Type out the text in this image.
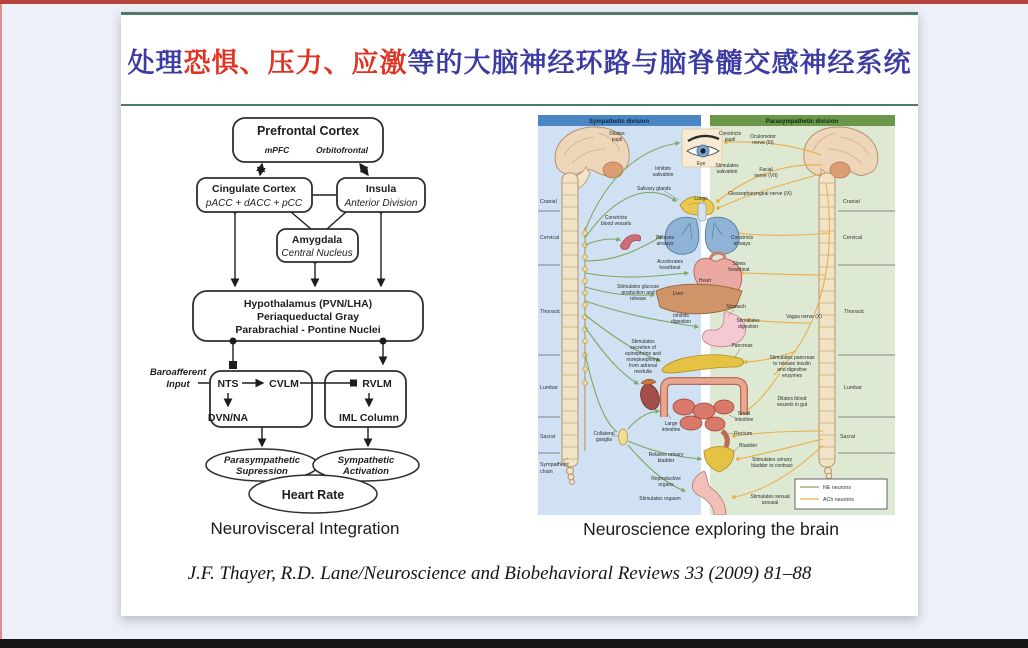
处理恐惧、压力、应激等的大脑神经环路与脑脊髓交感神经系统
Prefrontal Cortex
mPFC	Orbitofrontal
Cingulate Cortex
pACC + dACC + pCC
Insula
Anterior Division
Amygdala
Central Nucleus
Hypothalamus (PVN/LHA)
Periaqueductal Gray
Parabrachial - Pontine Nuclei
Baroafferent
Input	NTS	CVLM
DVN/NA
RVLM
IML Column
Parasympathetic
Supression
Sympathetic
Activation
Heart Rate
Sympathetic division	Parasympathetic division
Cranial
Cervical
Thoracic
Lumbar
Sacral
Cranial
Cervical
Thoracic
Lumbar
Sacral
Sympathetic
chain
Dilates
pupil
Inhibits
salivation
Salivary glands
Constricts
blood vessels
Relaxes
airways
Accelerates
heartbeat
Stimulates glucose
production and
release
Inhibits
digestion
Stimulates
secretion of
epinephrine and
norepinephrine
from adrenal
medulla
Collateral
ganglia
Large
intestine
Relaxes urinary
bladder
Reproductive
organs
Stimulates orgasm
Constricts
pupil	Oculomotor
nerve (III)
Stimulates
salivation	Facial
nerve (VII)
Glossopharyngeal nerve (IX)
Constricts
airways
Slows
heartbeat
Vagus nerve (X)
Stimulates
digestion
Stimulates pancreas
to release insulin
and digestive
enzymes
Dilates blood
vessels in gut
Stimulates urinary
bladder to contract
Stimulates sexual
arousal
Eye
Lungs
Heart
Liver
Stomach
Pancreas
Small
intestine
Rectum
Bladder
NE neurons
ACh neurons
Neurovisceral Integration	Neuroscience exploring the brain
J.F. Thayer, R.D. Lane/Neuroscience and Biobehavioral Reviews 33 (2009) 81–88
